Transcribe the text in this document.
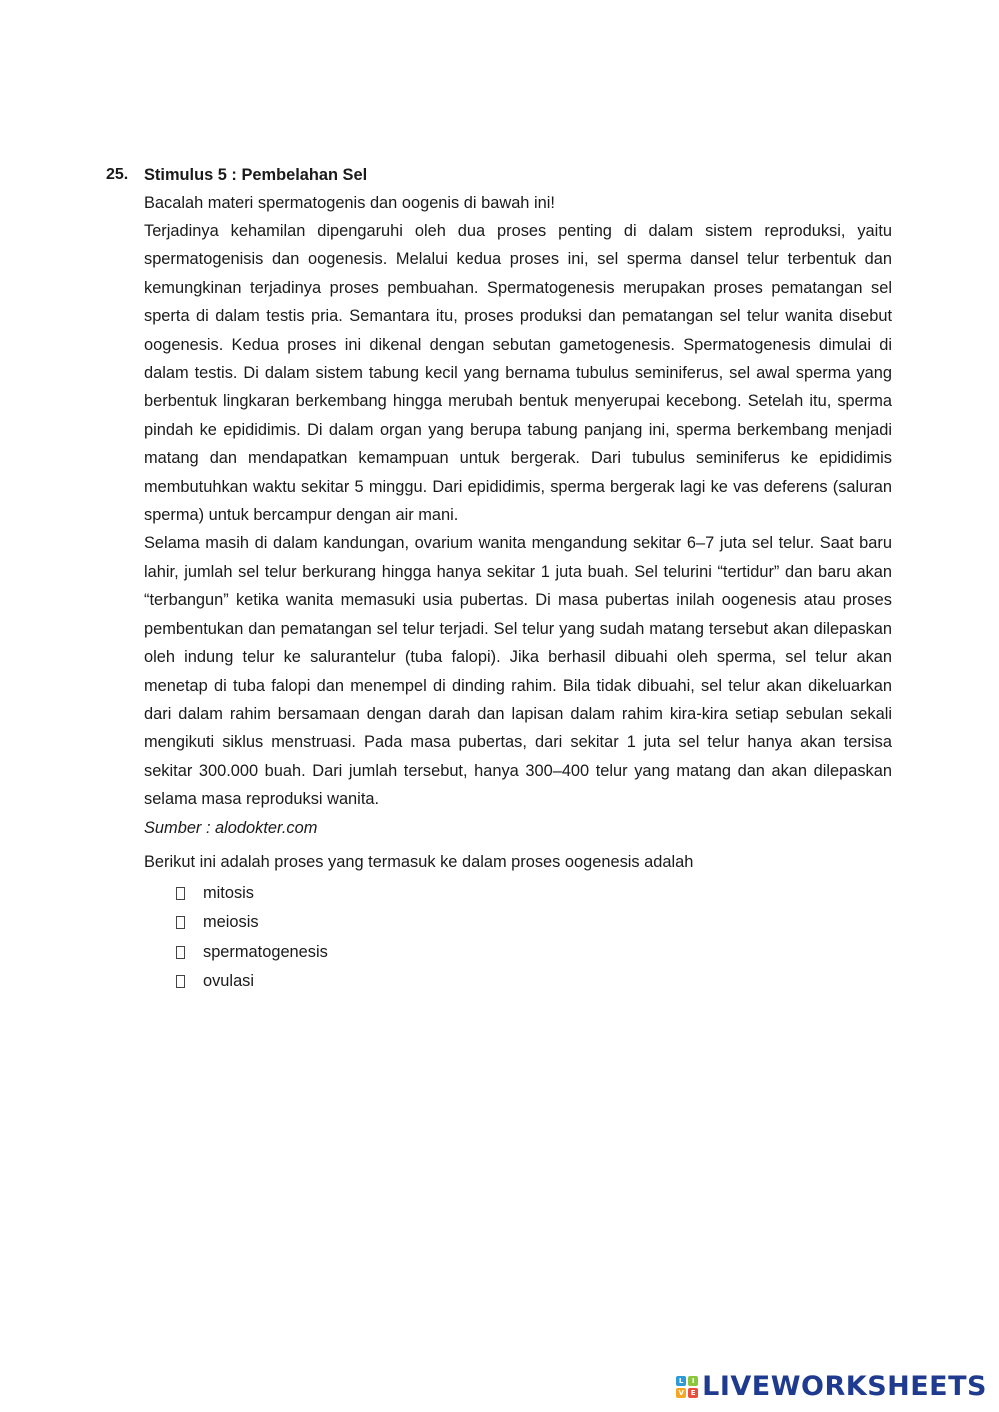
25. Stimulus 5 : Pembelahan Sel
Bacalah materi spermatogenis dan oogenis di bawah ini!

Terjadinya kehamilan dipengaruhi oleh dua proses penting di dalam sistem reproduksi, yaitu spermatogenisis dan oogenesis. Melalui kedua proses ini, sel sperma dansel telur terbentuk dan kemungkinan terjadinya proses pembuahan. Spermatogenesis merupakan proses pematangan sel sperta di dalam testis pria. Semantara itu, proses produksi dan pematangan sel telur wanita disebut oogenesis. Kedua proses ini dikenal dengan sebutan gametogenesis. Spermatogenesis dimulai di dalam testis. Di dalam sistem tabung kecil yang bernama tubulus seminiferus, sel awal sperma yang berbentuk lingkaran berkembang hingga merubah bentuk menyerupai kecebong. Setelah itu, sperma pindah ke epididimis. Di dalam organ yang berupa tabung panjang ini, sperma berkembang menjadi matang dan mendapatkan kemampuan untuk bergerak. Dari tubulus seminiferus ke epididimis membutuhkan waktu sekitar 5 minggu. Dari epididimis, sperma bergerak lagi ke vas deferens (saluran sperma) untuk bercampur dengan air mani.

Selama masih di dalam kandungan, ovarium wanita mengandung sekitar 6–7 juta sel telur. Saat baru lahir, jumlah sel telur berkurang hingga hanya sekitar 1 juta buah. Sel telurini “tertidur” dan baru akan “terbangun” ketika wanita memasuki usia pubertas. Di masa pubertas inilah oogenesis atau proses pembentukan dan pematangan sel telur terjadi. Sel telur yang sudah matang tersebut akan dilepaskan oleh indung telur ke salurantelur (tuba falopi). Jika berhasil dibuahi oleh sperma, sel telur akan menetap di tuba falopi dan menempel di dinding rahim. Bila tidak dibuahi, sel telur akan dikeluarkan dari dalam rahim bersamaan dengan darah dan lapisan dalam rahim kira-kira setiap sebulan sekali mengikuti siklus menstruasi. Pada masa pubertas, dari sekitar 1 juta sel telur hanya akan tersisa sekitar 300.000 buah. Dari jumlah tersebut, hanya 300–400 telur yang matang dan akan dilepaskan selama masa reproduksi wanita.

Sumber : alodokter.com
Berikut ini adalah proses yang termasuk ke dalam proses oogenesis adalah
mitosis
meiosis
spermatogenesis
ovulasi
L	I
V E LIVEWORKSHEETS
